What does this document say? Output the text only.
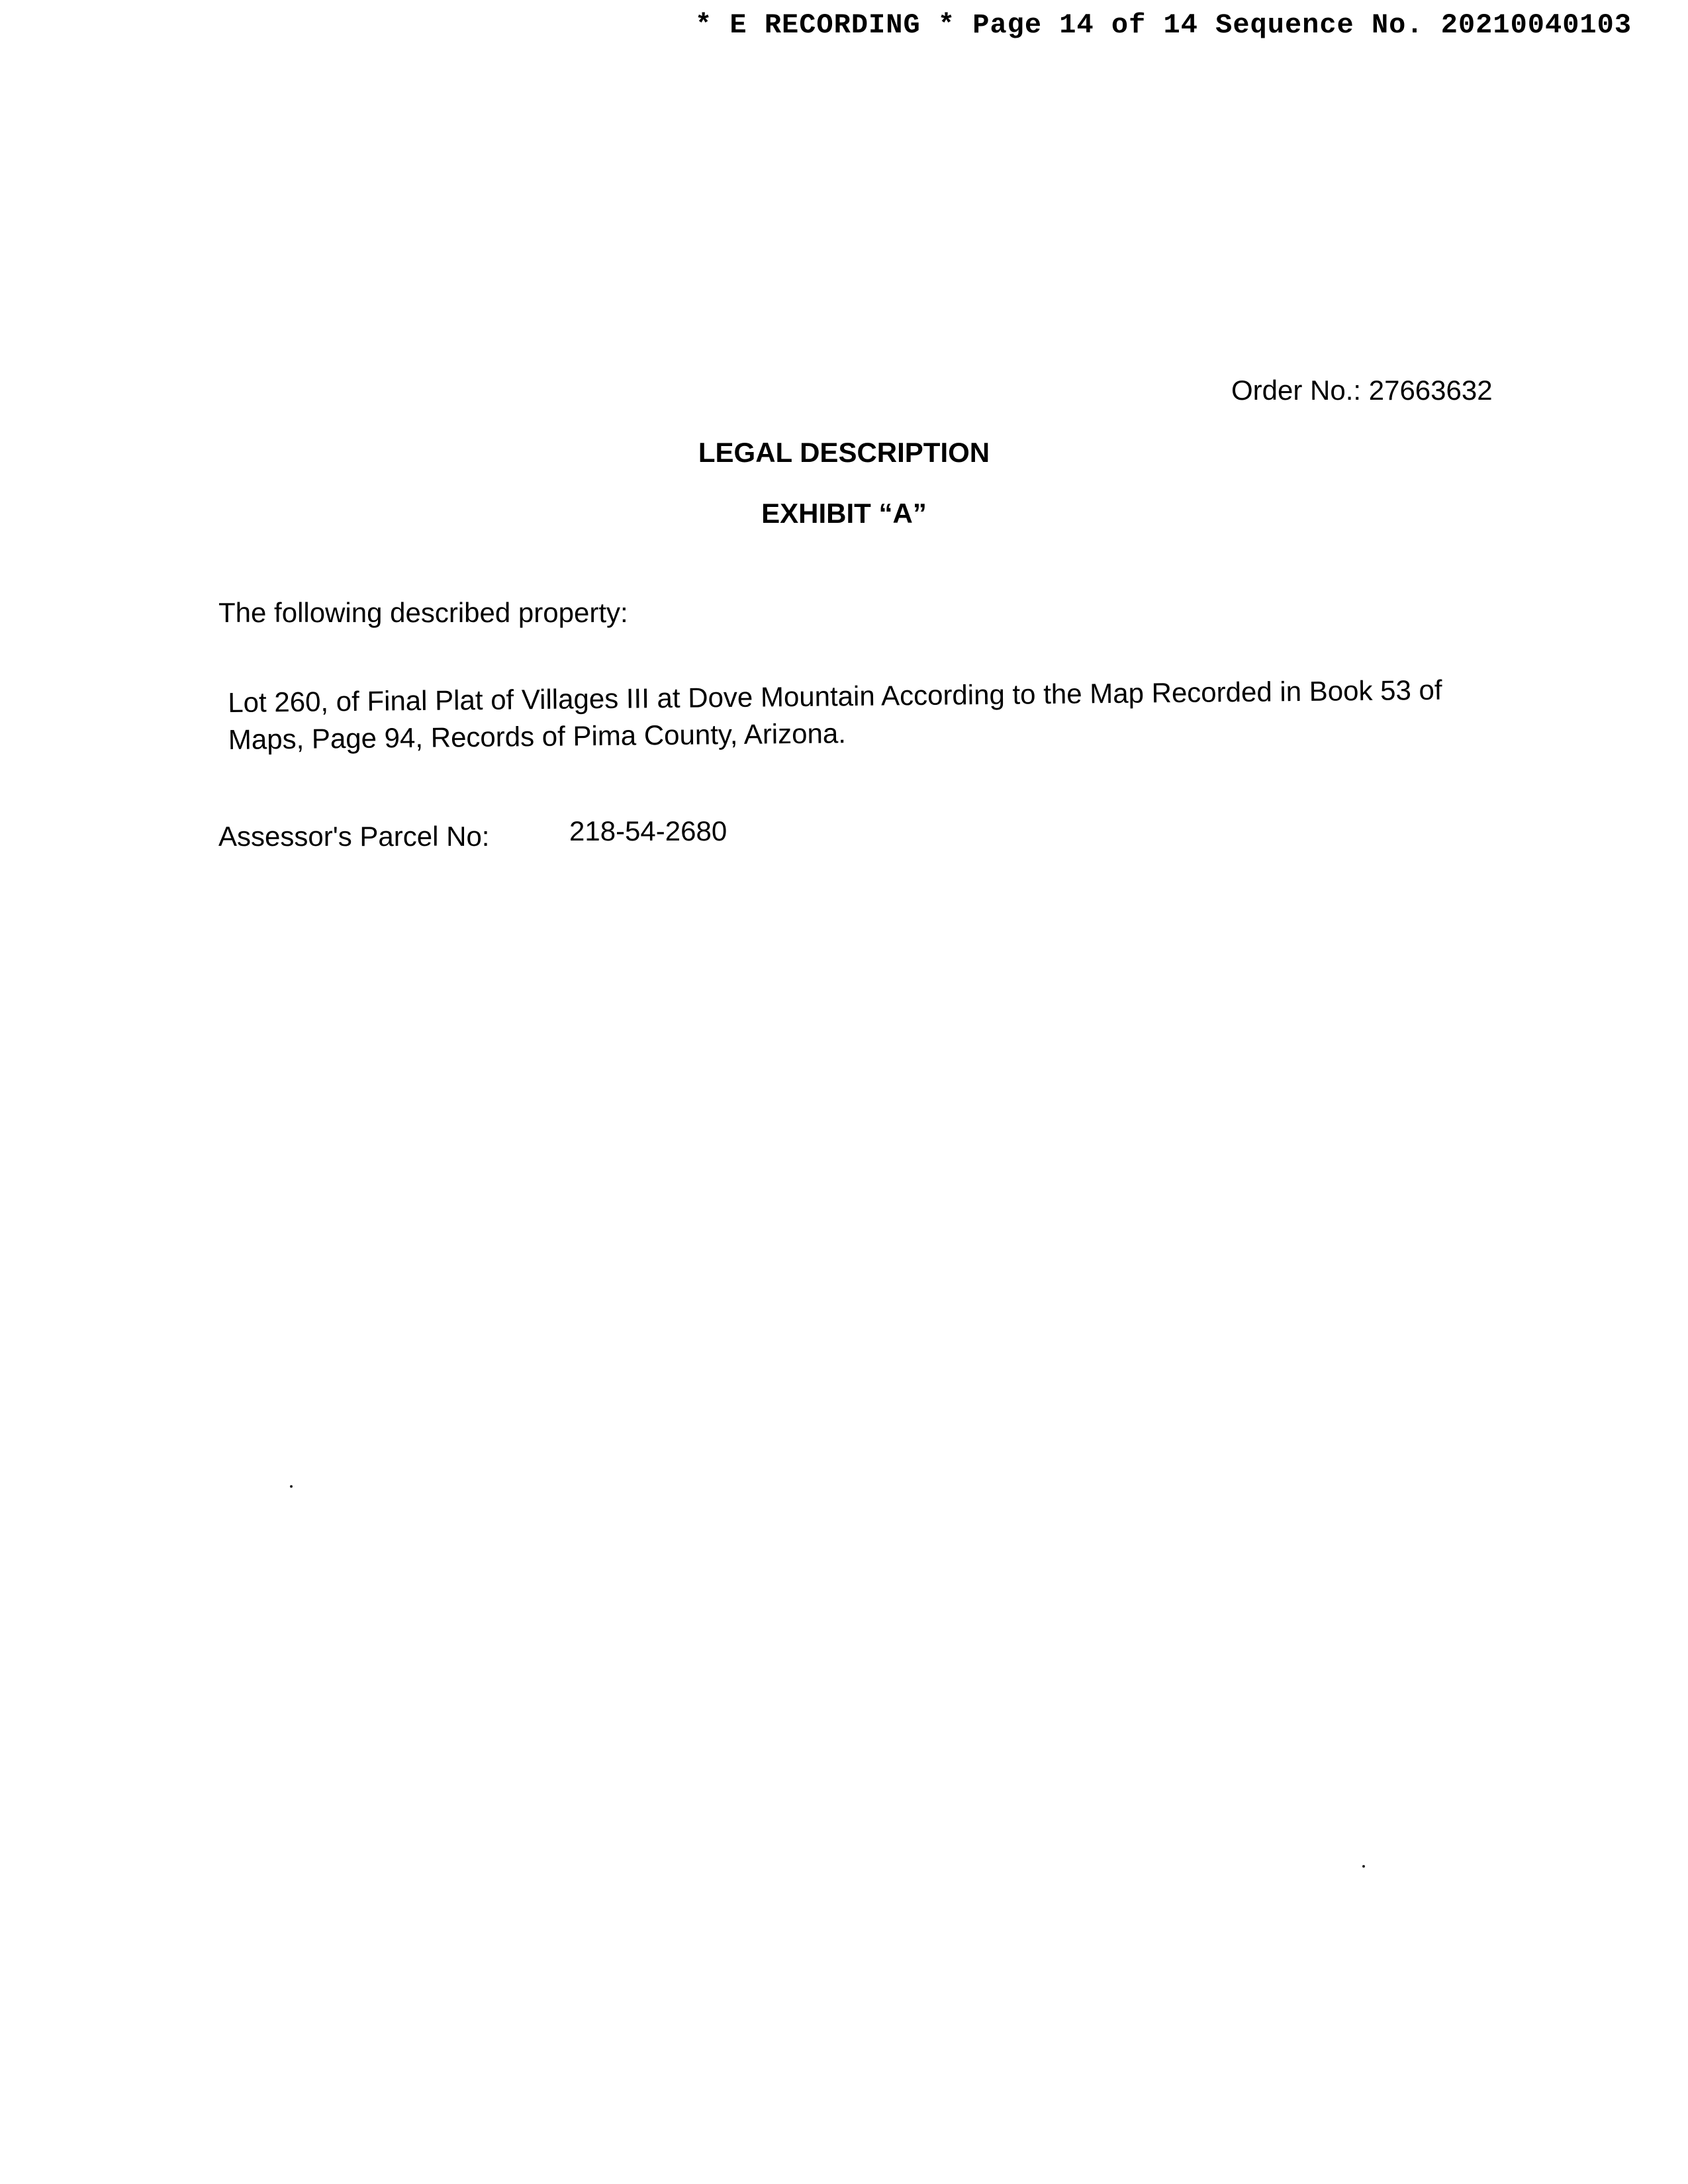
* E RECORDING * Page 14 of 14 Sequence No. 20210040103
Order No.: 27663632
LEGAL DESCRIPTION
EXHIBIT “A”
The following described property:
Lot 260, of Final Plat of Villages III at Dove Mountain According to the Map Recorded in Book 53 of
Maps, Page 94, Records of Pima County, Arizona.
Assessor's Parcel No:	218-54-2680
